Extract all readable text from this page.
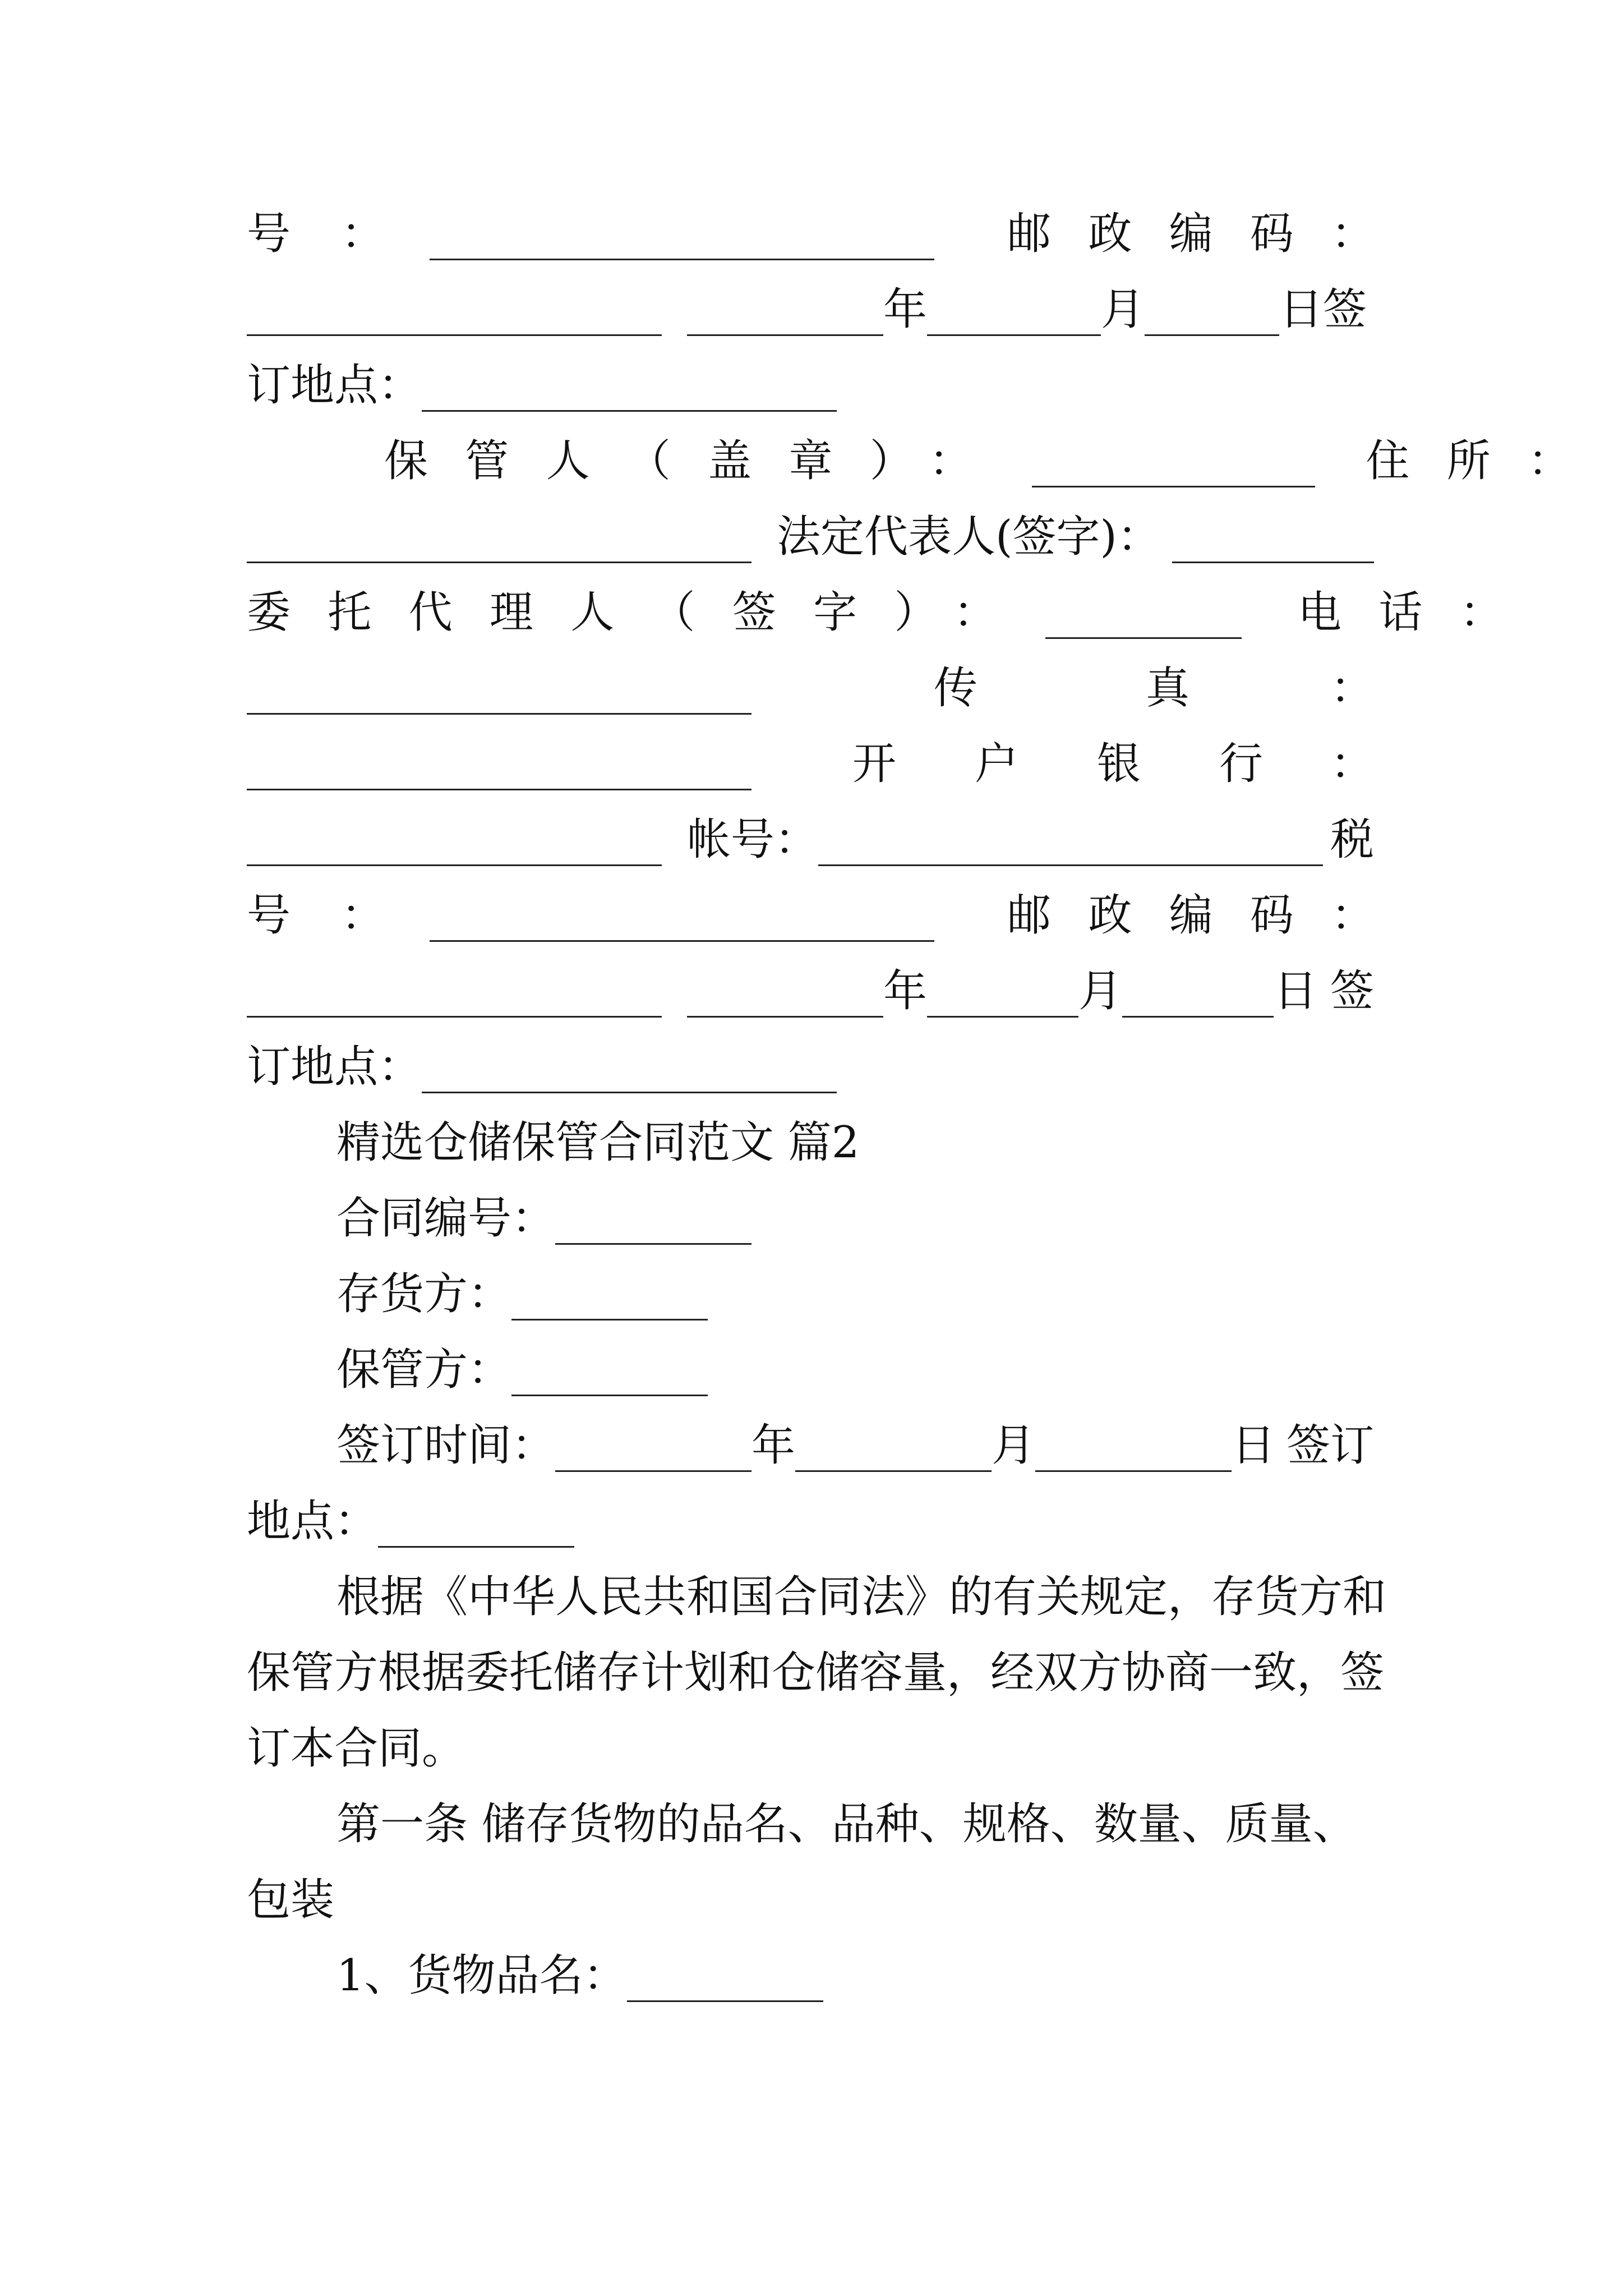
号 ：	邮政编码 ：
年	月	日 签
订地点：
保管人（盖章）：	住所 ：
法定代表人(签字)：
委托代理人（签字）：	电话 ：
传	真	：
开 户 银 行 ：
帐号：	税
号 ：	邮政编码 ：
年	月	日 签
订地点：
精选仓储保管合同范文 篇2
合同编号：
存货方：
保管方：
签订时间：	年	月	日 签订
地点：
根据《中华人民共和国合同法》的有关规定，存货方和
保管方根据委托储存计划和仓储容量，经双方协商一致，签
订本合同。
第一条 储存货物的品名、品种、规格、数量、质量、
包装
1、货物品名：
